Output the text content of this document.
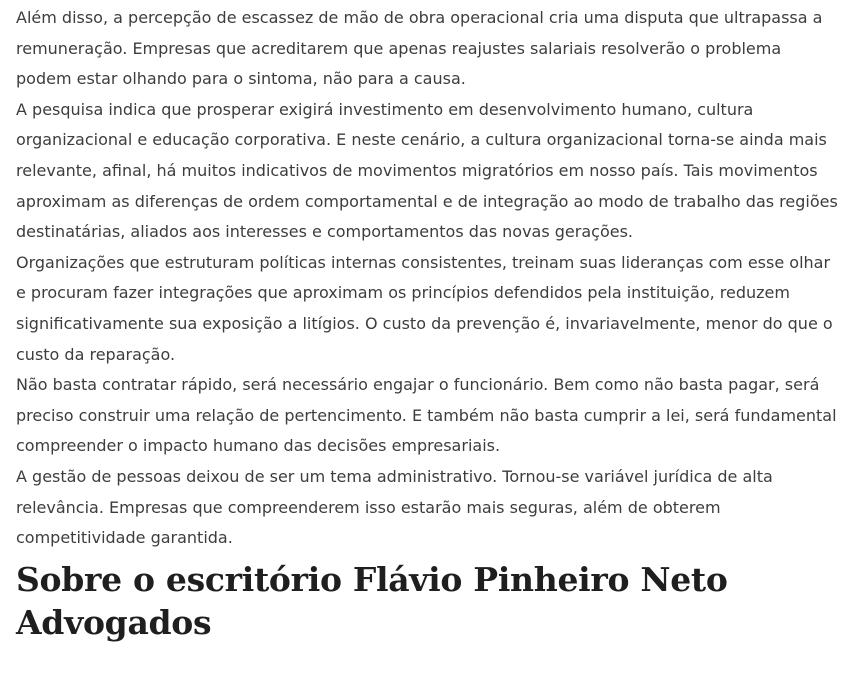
Além disso, a percepção de escassez de mão de obra operacional cria uma disputa que ultrapassa a remuneração. Empresas que acreditarem que apenas reajustes salariais resolverão o problema podem estar olhando para o sintoma, não para a causa.

A pesquisa indica que prosperar exigirá investimento em desenvolvimento humano, cultura organizacional e educação corporativa. E neste cenário, a cultura organizacional torna-se ainda mais relevante, afinal, há muitos indicativos de movimentos migratórios em nosso país. Tais movimentos aproximam as diferenças de ordem comportamental e de integração ao modo de trabalho das regiões destinatárias, aliados aos interesses e comportamentos das novas gerações.

Organizações que estruturam políticas internas consistentes, treinam suas lideranças com esse olhar e procuram fazer integrações que aproximam os princípios defendidos pela instituição, reduzem significativamente sua exposição a litígios. O custo da prevenção é, invariavelmente, menor do que o custo da reparação.

Não basta contratar rápido, será necessário engajar o funcionário. Bem como não basta pagar, será preciso construir uma relação de pertencimento. E também não basta cumprir a lei, será fundamental compreender o impacto humano das decisões empresariais.

A gestão de pessoas deixou de ser um tema administrativo. Tornou-se variável jurídica de alta relevância. Empresas que compreenderem isso estarão mais seguras, além de obterem competitividade garantida.

Sobre o escritório Flávio Pinheiro Neto Advogados
